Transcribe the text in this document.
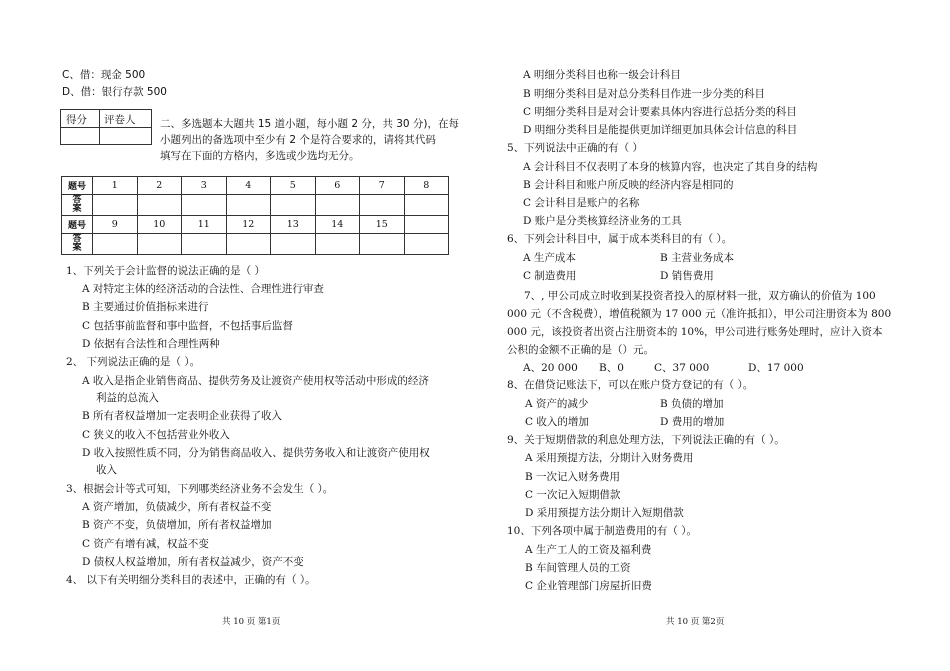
C、借：现金 500
D、借：银行存款 500
得分 评卷人 二、多选题本大题共 15 道小题，每小题 2 分，共 30 分)，在每
小题列出的备选项中至少有 2 个是符合要求的，请将其代码
填写在下面的方格内，多选或少选均无分。
题号	1	2	3	4	5	6	7	8
答
案								
题号	9	10	11	12	13	14	15	
答
案								
1、下列关于会计监督的说法正确的是（ ）
A 对特定主体的经济活动的合法性、合理性进行审查
B 主要通过价值指标来进行
C 包括事前监督和事中监督，不包括事后监督
D 依据有合法性和合理性两种
2、 下列说法正确的是（ ）。
A 收入是指企业销售商品、提供劳务及让渡资产使用权等活动中形成的经济
利益的总流入
B 所有者权益增加一定表明企业获得了收入
C 狭义的收入不包括营业外收入
D 收入按照性质不同，分为销售商品收入、提供劳务收入和让渡资产使用权
收入
3、根据会计等式可知，下列哪类经济业务不会发生（ ）。
A 资产增加，负债减少，所有者权益不变
B 资产不变，负债增加，所有者权益增加
C 资产有增有减，权益不变
D 债权人权益增加，所有者权益减少，资产不变
4、 以下有关明细分类科目的表述中，正确的有（ ）。
共 10 页 第1页
A 明细分类科目也称一级会计科目
B 明细分类科目是对总分类科目作进一步分类的科目
C 明细分类科目是对会计要素具体内容进行总括分类的科目
D 明细分类科目是能提供更加详细更加具体会计信息的科目
5、下列说法中正确的有（ ）
A 会计科目不仅表明了本身的核算内容，也决定了其自身的结构
B 会计科目和账户所反映的经济内容是相同的
C 会计科目是账户的名称
D 账户是分类核算经济业务的工具
6、下列会计科目中，属于成本类科目的有（ ）。
A 生产成本	B 主营业务成本
C 制造费用	D 销售费用
7、, 甲公司成立时收到某投资者投入的原材料一批，双方确认的价值为 100
000 元（不含税费），增值税额为 17 000 元（准许抵扣），甲公司注册资本为 800
000 元，该投资者出资占注册资本的 10%，甲公司进行账务处理时，应计入资本
公积的金额不正确的是（）元。
A、20 000 B、0	C、37 000	D、17 000
8、在借贷记账法下，可以在账户贷方登记的有（ ）。
A 资产的减少	B 负债的增加
C 收入的增加	D 费用的增加
9、关于短期借款的利息处理方法，下列说法正确的有（ ）。
A 采用预提方法，分期计入财务费用
B 一次记入财务费用
C 一次记入短期借款
D 采用预提方法分期计入短期借款
10、下列各项中属于制造费用的有（ ）。
A 生产工人的工资及福利费
B 车间管理人员的工资
C 企业管理部门房屋折旧费
共 10 页 第2页
